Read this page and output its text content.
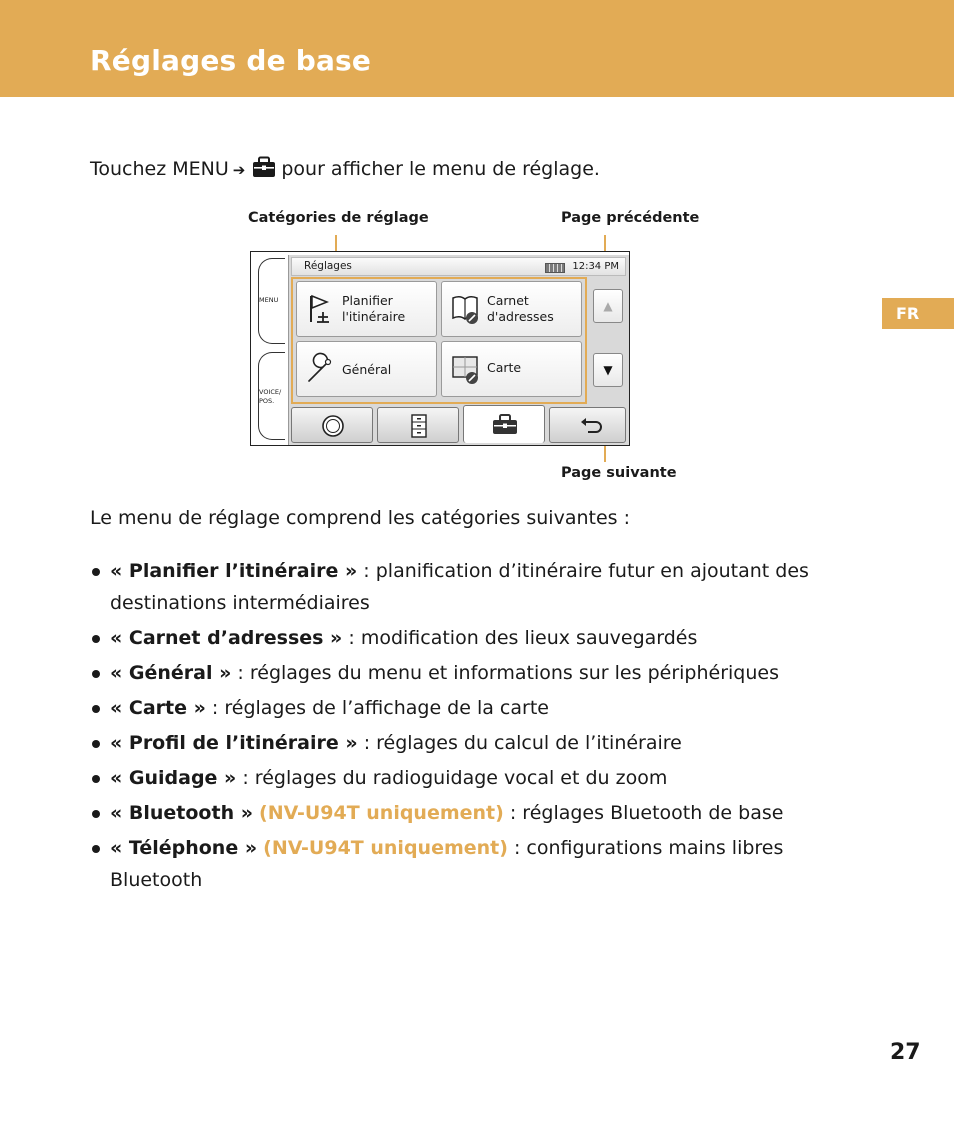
Réglages de base
FR
Touchez MENU ➔ pour afficher le menu de réglage.
Catégories de réglage	Page précédente
Page suivante
MENU
VOICE/
POS.
Réglages	12:34 PM
Planifier
l'itinéraire
Carnet
d'adresses
Général	Carte
▲
▼
Le menu de réglage comprend les catégories suivantes :
« Planifier l’itinéraire » : planification d’itinéraire futur en ajoutant des destinations intermédiaires
« Carnet d’adresses » : modification des lieux sauvegardés
« Général » : réglages du menu et informations sur les périphériques
« Carte » : réglages de l’affichage de la carte
« Profil de l’itinéraire » : réglages du calcul de l’itinéraire
« Guidage » : réglages du radioguidage vocal et du zoom
« Bluetooth » (NV-U94T uniquement) : réglages Bluetooth de base
« Téléphone » (NV-U94T uniquement) : configurations mains libres Bluetooth
27
